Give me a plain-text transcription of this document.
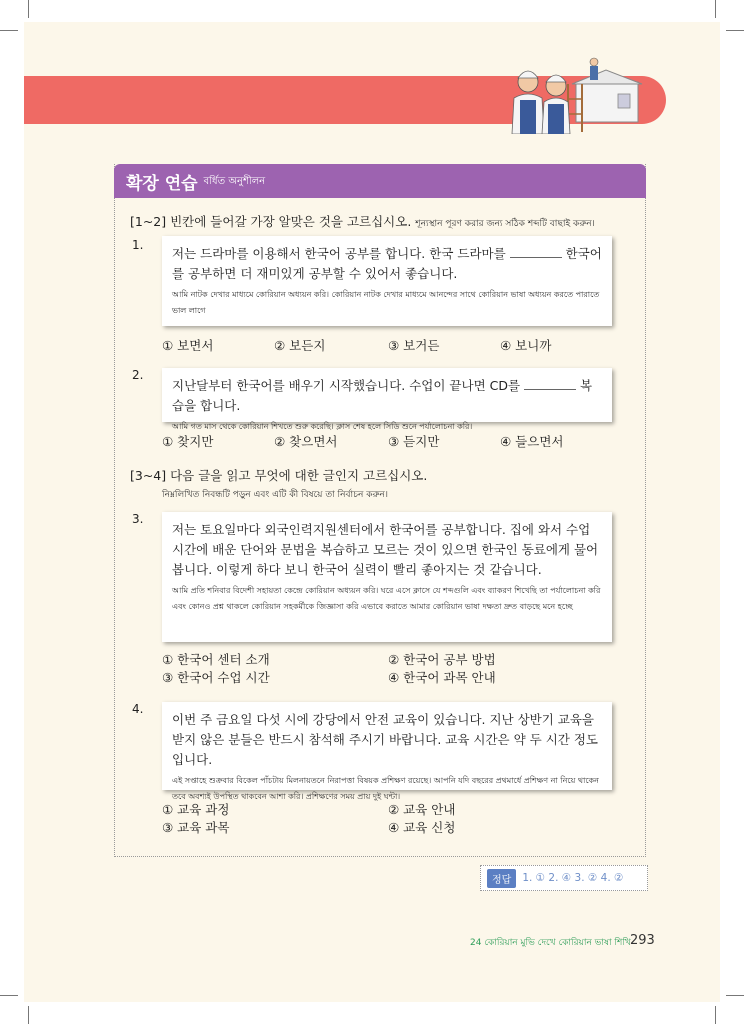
확장 연습 বর্ধিত অনুশীলন
[1~2] 빈칸에 들어갈 가장 알맞은 것을 고르십시오. শূন্যস্থান পূরণ করার জন্য সঠিক শব্দটি বাছাই করুন।
1.
저는 드라마를 이용해서 한국어 공부를 합니다. 한국 드라마를	한국어를 공부하면 더 재미있게 공부할 수 있어서 좋습니다.
আমি নাটক দেখার মাধ্যমে কোরিয়ান অধ্যয়ন করি। কোরিয়ান নাটক দেখার মাধ্যমে আনন্দের সাথে কোরিয়ান ভাষা অধ্যয়ন করতে পারাতে ভাল লাগে
① 보면서	② 보든지	③ 보거든	④ 보니까
2.
지난달부터 한국어를 배우기 시작했습니다. 수업이 끝나면 CD를	복습을 합니다.
আমি গত মাস থেকে কোরিয়ান শিখতে শুরু করেছি। ক্লাস শেষ হলে সিডি শুনে পর্যালোচনা করি।
① 찾지만	② 찾으면서	③ 듣지만	④ 들으면서
[3~4] 다음 글을 읽고 무엇에 대한 글인지 고르십시오.
নিম্নলিখিত নিবন্ধটি পড়ুন এবং এটি কী বিষয়ে তা নির্বাচন করুন।
3.
저는 토요일마다 외국인력지원센터에서 한국어를 공부합니다. 집에 와서 수업 시간에 배운 단어와 문법을 복습하고 모르는 것이 있으면 한국인 동료에게 물어봅니다. 이렇게 하다 보니 한국어 실력이 빨리 좋아지는 것 같습니다.
আমি প্রতি শনিবার বিদেশী সহায়তা কেন্দ্রে কোরিয়ান অধ্যয়ন করি। ঘরে এসে ক্লাসে যে শব্দগুলি এবং ব্যাকরণ শিখেছি তা পর্যালোচনা করি এবং কোনও প্রশ্ন থাকলে কোরিয়ান সহকর্মীকে জিজ্ঞাসা করি এভাবে করাতে আমার কোরিয়ান ভাষা দক্ষতা দ্রুত বাড়ছে মনে হচ্ছে
① 한국어 센터 소개	② 한국어 공부 방법
③ 한국어 수업 시간	④ 한국어 과목 안내
4.
이번 주 금요일 다섯 시에 강당에서 안전 교육이 있습니다. 지난 상반기 교육을 받지 않은 분들은 반드시 참석해 주시기 바랍니다. 교육 시간은 약 두 시간 정도입니다.
এই সপ্তাহে শুক্রবার বিকেল পাঁচটায় মিলনায়তনে নিরাপত্তা বিষয়ক প্রশিক্ষণ রয়েছে। আপনি যদি বছরের প্রথমার্ধে প্রশিক্ষণ না নিয়ে থাকেন তবে অবশ্যই উপস্থিত থাকবেন আশা করি। প্রশিক্ষণের সময় প্রায় দুই ঘন্টা।
① 교육 과정	② 교육 안내
③ 교육 과목	④ 교육 신청
정답	1. ① 2. ④ 3. ② 4. ②
24 কোরিয়ান মুভি দেখে কোরিয়ান ভাষা শিখি 293
